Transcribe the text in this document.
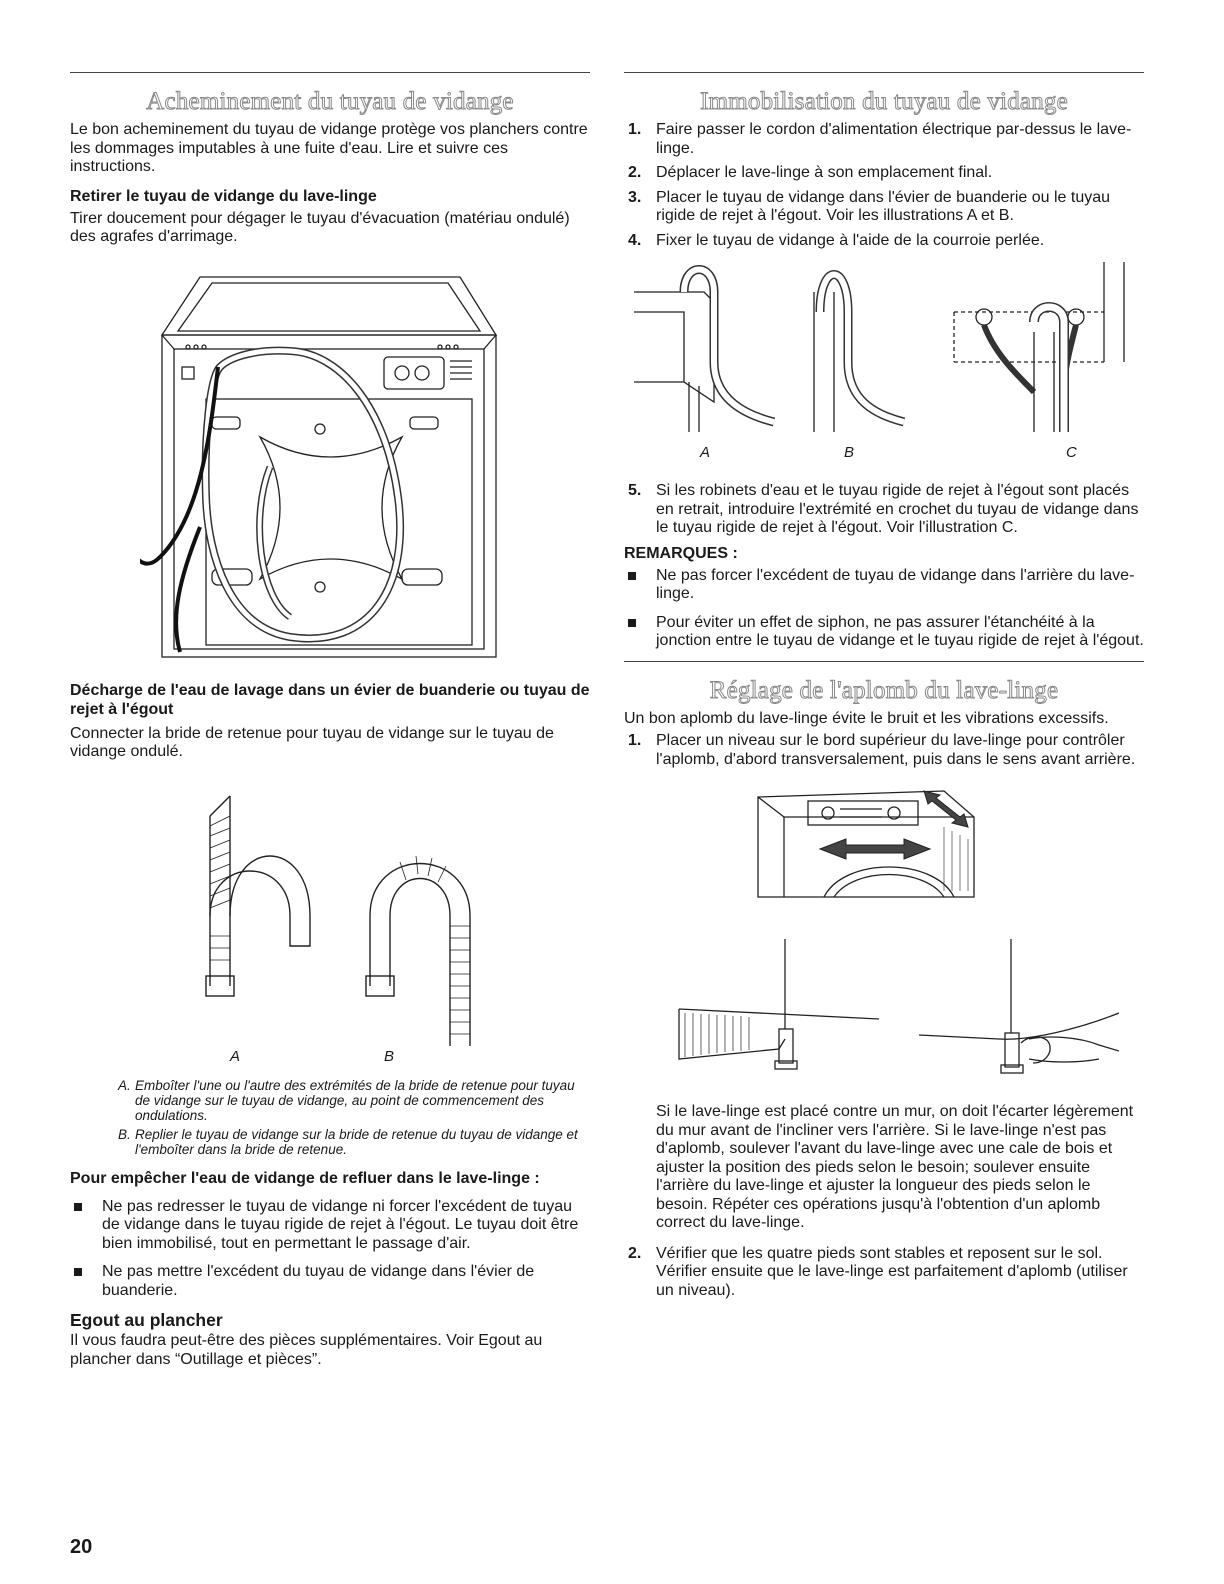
Acheminement du tuyau de vidange

Le bon acheminement du tuyau de vidange protège vos planchers contre les dommages imputables à une fuite d'eau. Lire et suivre ces instructions.

Retirer le tuyau de vidange du lave-linge

Tirer doucement pour dégager le tuyau d'évacuation (matériau ondulé) des agrafes d'arrimage.

Décharge de l'eau de lavage dans un évier de buanderie ou tuyau de rejet à l'égout

Connecter la bride de retenue pour tuyau de vidange sur le tuyau de vidange ondulé.

A	B
A. Emboîter l'une ou l'autre des extrémités de la bride de retenue pour tuyau de vidange sur le tuyau de vidange, au point de commencement des ondulations.
B. Replier le tuyau de vidange sur la bride de retenue du tuyau de vidange et l'emboîter dans la bride de retenue.
Pour empêcher l'eau de vidange de refluer dans le lave-linge :
Ne pas redresser le tuyau de vidange ni forcer l'excédent de tuyau de vidange dans le tuyau rigide de rejet à l'égout. Le tuyau doit être bien immobilisé, tout en permettant le passage d'air.
Ne pas mettre l'excédent du tuyau de vidange dans l'évier de buanderie.
Egout au plancher

Il vous faudra peut-être des pièces supplémentaires. Voir Egout au plancher dans “Outillage et pièces”.

Immobilisation du tuyau de vidange
1. Faire passer le cordon d'alimentation électrique par-dessus le lave-linge.
2. Déplacer le lave-linge à son emplacement final.
3. Placer le tuyau de vidange dans l'évier de buanderie ou le tuyau rigide de rejet à l'égout. Voir les illustrations A et B.
4. Fixer le tuyau de vidange à l'aide de la courroie perlée.
A	B	C
5. Si les robinets d'eau et le tuyau rigide de rejet à l'égout sont placés en retrait, introduire l'extrémité en crochet du tuyau de vidange dans le tuyau rigide de rejet à l'égout. Voir l'illustration C.
REMARQUES :
Ne pas forcer l'excédent de tuyau de vidange dans l'arrière du lave-linge.
Pour éviter un effet de siphon, ne pas assurer l'étanchéité à la jonction entre le tuyau de vidange et le tuyau rigide de rejet à l'égout.
Réglage de l'aplomb du lave-linge

Un bon aplomb du lave-linge évite le bruit et les vibrations excessifs.

1. Placer un niveau sur le bord supérieur du lave-linge pour contrôler l'aplomb, d'abord transversalement, puis dans le sens avant arrière.

Si le lave-linge est placé contre un mur, on doit l'écarter légèrement du mur avant de l'incliner vers l'arrière. Si le lave-linge n'est pas d'aplomb, soulever l'avant du lave-linge avec une cale de bois et ajuster la position des pieds selon le besoin; soulever ensuite l'arrière du lave-linge et ajuster la longueur des pieds selon le besoin. Répéter ces opérations jusqu'à l'obtention d'un aplomb correct du lave-linge.

2. Vérifier que les quatre pieds sont stables et reposent sur le sol. Vérifier ensuite que le lave-linge est parfaitement d'aplomb (utiliser un niveau).
20
